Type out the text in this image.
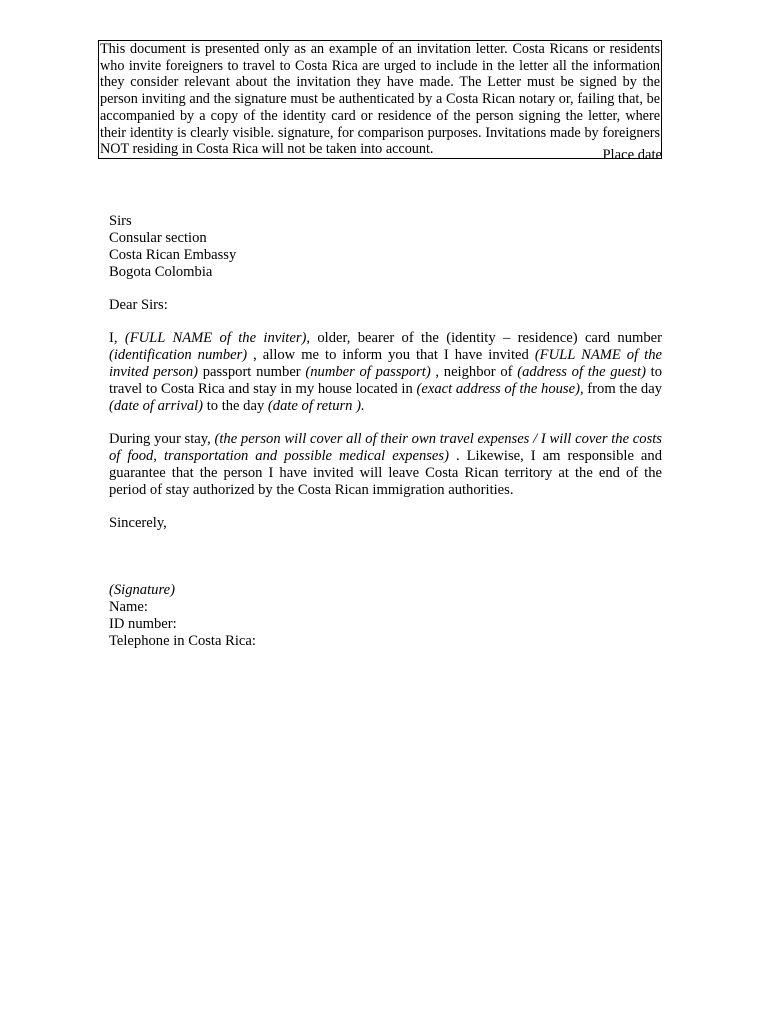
This document is presented only as an example of an invitation letter. Costa Ricans or residents who invite foreigners to travel to Costa Rica are urged to include in the letter all the information they consider relevant about the invitation they have made. The Letter must be signed by the person inviting and the signature must be authenticated by a Costa Rican notary or, failing that, be accompanied by a copy of the identity card or residence of the person signing the letter, where their identity is clearly visible. signature, for comparison purposes. Invitations made by foreigners NOT residing in Costa Rica will not be taken into account.	Place date
Sirs
Consular section
Costa Rican Embassy
Bogota Colombia
Dear Sirs:
I, (FULL NAME of the inviter), older, bearer of the (identity – residence) card number (identification number) , allow me to inform you that I have invited (FULL NAME of the invited person) passport number (number of passport) , neighbor of (address of the guest) to travel to Costa Rica and stay in my house located in (exact address of the house), from the day (date of arrival) to the day (date of return ).
During your stay, (the person will cover all of their own travel expenses / I will cover the costs of food, transportation and possible medical expenses) . Likewise, I am responsible and guarantee that the person I have invited will leave Costa Rican territory at the end of the period of stay authorized by the Costa Rican immigration authorities.
Sincerely,
(Signature)
Name:
ID number:
Telephone in Costa Rica:
